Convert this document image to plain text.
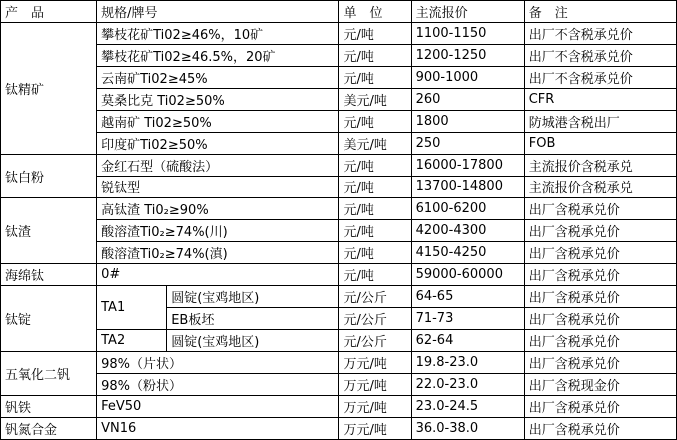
产　品	规格/牌号		单　位	主流报价	备　注
钛精矿	攀枝花矿Ti02≥46%，10矿		元/吨	1100-1150	出厂不含税承兑价
	攀枝花矿Ti02≥46.5%，20矿		元/吨	1200-1250	出厂不含税承兑价
	云南矿Ti02≥45%		元/吨	900-1000	出厂不含税承兑价
	莫桑比克 Ti02≥50%		美元/吨	260	CFR
	越南矿 Ti02≥50%		元/吨	1800	防城港含税出厂
	印度矿Ti02≥50%		美元/吨	250	FOB
钛白粉	金红石型（硫酸法）		元/吨	16000-17800	主流报价含税承兑
	锐钛型		元/吨	13700-14800	主流报价含税承兑
钛渣	高钛渣 Ti0₂≥90%		元/吨	6100-6200	出厂含税承兑价
	酸溶渣Ti0₂≥74%(川)		元/吨	4200-4300	出厂含税承兑价
	酸溶渣Ti0₂≥74%(滇)		元/吨	4150-4250	出厂含税承兑价
海绵钛	0#		元/吨	59000-60000	出厂含税承兑价
钛锭	TA1	圆锭(宝鸡地区)	元/公斤	64-65	出厂含税承兑价
		EB板坯	元/公斤	71-73	出厂含税承兑价
	TA2	圆锭(宝鸡地区)	元/公斤	62-64	出厂含税承兑价
五氧化二钒	98%（片状）		万元/吨	19.8-23.0	出厂含税承兑价
	98%（粉状）		万元/吨	22.0-23.0	出厂含税现金价
钒铁	FeV50		万元/吨	23.0-24.5	出厂含税承兑价
钒氮合金	VN16		万元/吨	36.0-38.0	出厂含税承兑价
